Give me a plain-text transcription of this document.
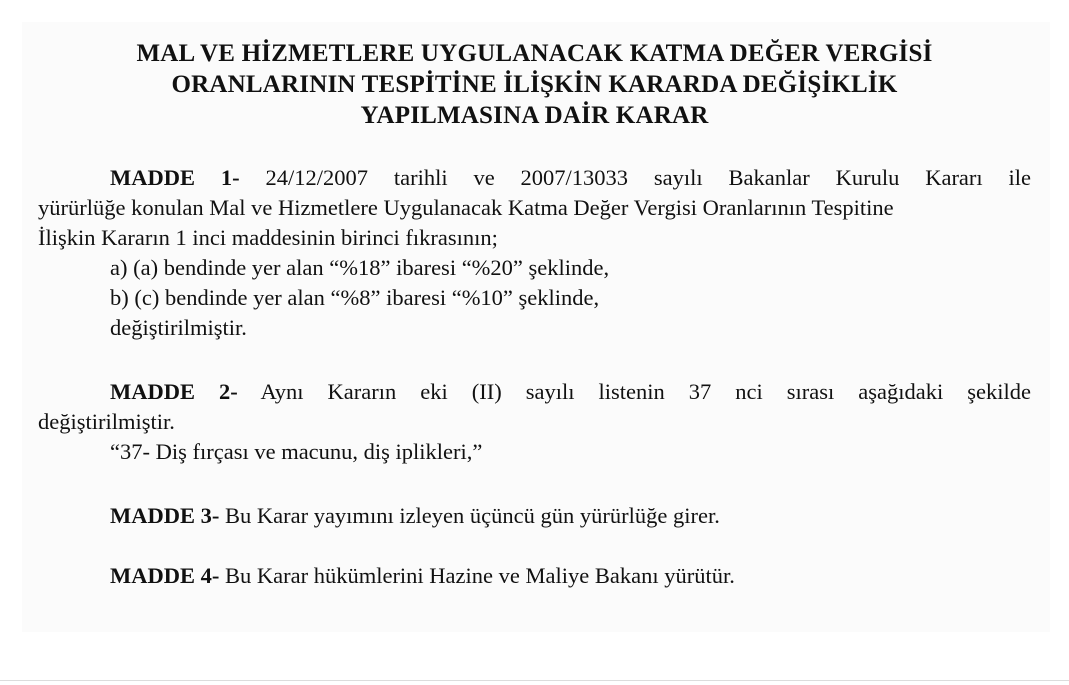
MAL VE HİZMETLERE UYGULANACAK KATMA DEĞER VERGİSİ
ORANLARININ TESPİTİNE İLİŞKİN KARARDA DEĞİŞİKLİK
YAPILMASINA DAİR KARAR
MADDE 1- 24/12/2007 tarihli ve 2007/13033 sayılı Bakanlar Kurulu Kararı ile
yürürlüğe konulan Mal ve Hizmetlere Uygulanacak Katma Değer Vergisi Oranlarının Tespitine
İlişkin Kararın 1 inci maddesinin birinci fıkrasının;
a) (a) bendinde yer alan “%18” ibaresi “%20” şeklinde,
b) (c) bendinde yer alan “%8” ibaresi “%10” şeklinde,
değiştirilmiştir.
MADDE 2- Aynı Kararın eki (II) sayılı listenin 37 nci sırası aşağıdaki şekilde
değiştirilmiştir.
“37- Diş fırçası ve macunu, diş iplikleri,”
MADDE 3- Bu Karar yayımını izleyen üçüncü gün yürürlüğe girer.
MADDE 4- Bu Karar hükümlerini Hazine ve Maliye Bakanı yürütür.
